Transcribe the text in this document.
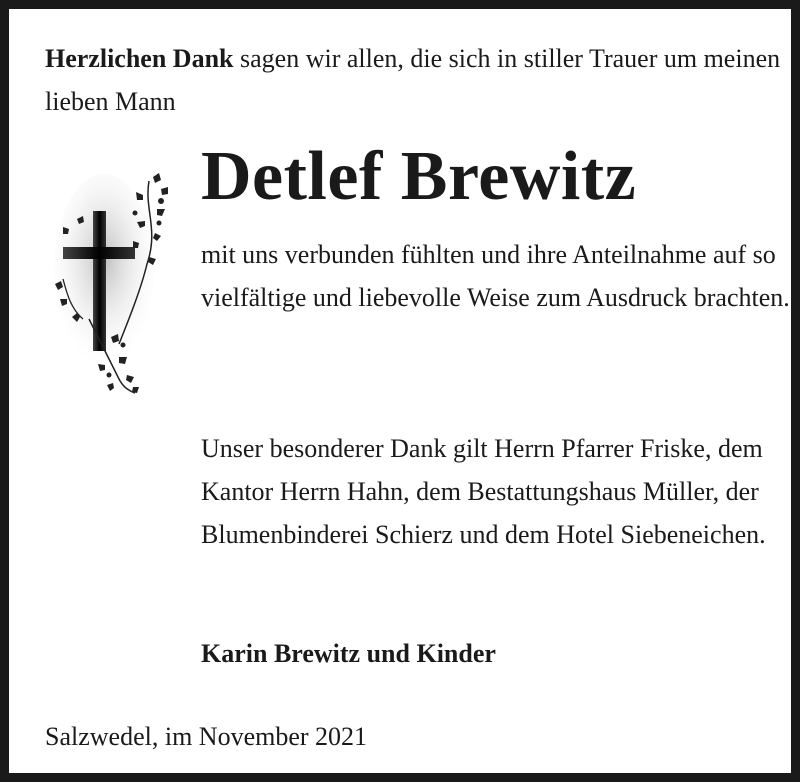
Herzlichen Dank sagen wir allen, die sich in stiller Trauer um meinen lieben Mann
Detlef Brewitz
mit uns verbunden fühlten und ihre Anteilnahme auf so vielfältige und liebevolle Weise zum Ausdruck brachten.
Unser besonderer Dank gilt Herrn Pfarrer Friske, dem Kantor Herrn Hahn, dem Bestattungshaus Müller, der Blumenbinderei Schierz und dem Hotel Siebeneichen.
Karin Brewitz und Kinder
Salzwedel, im November 2021
